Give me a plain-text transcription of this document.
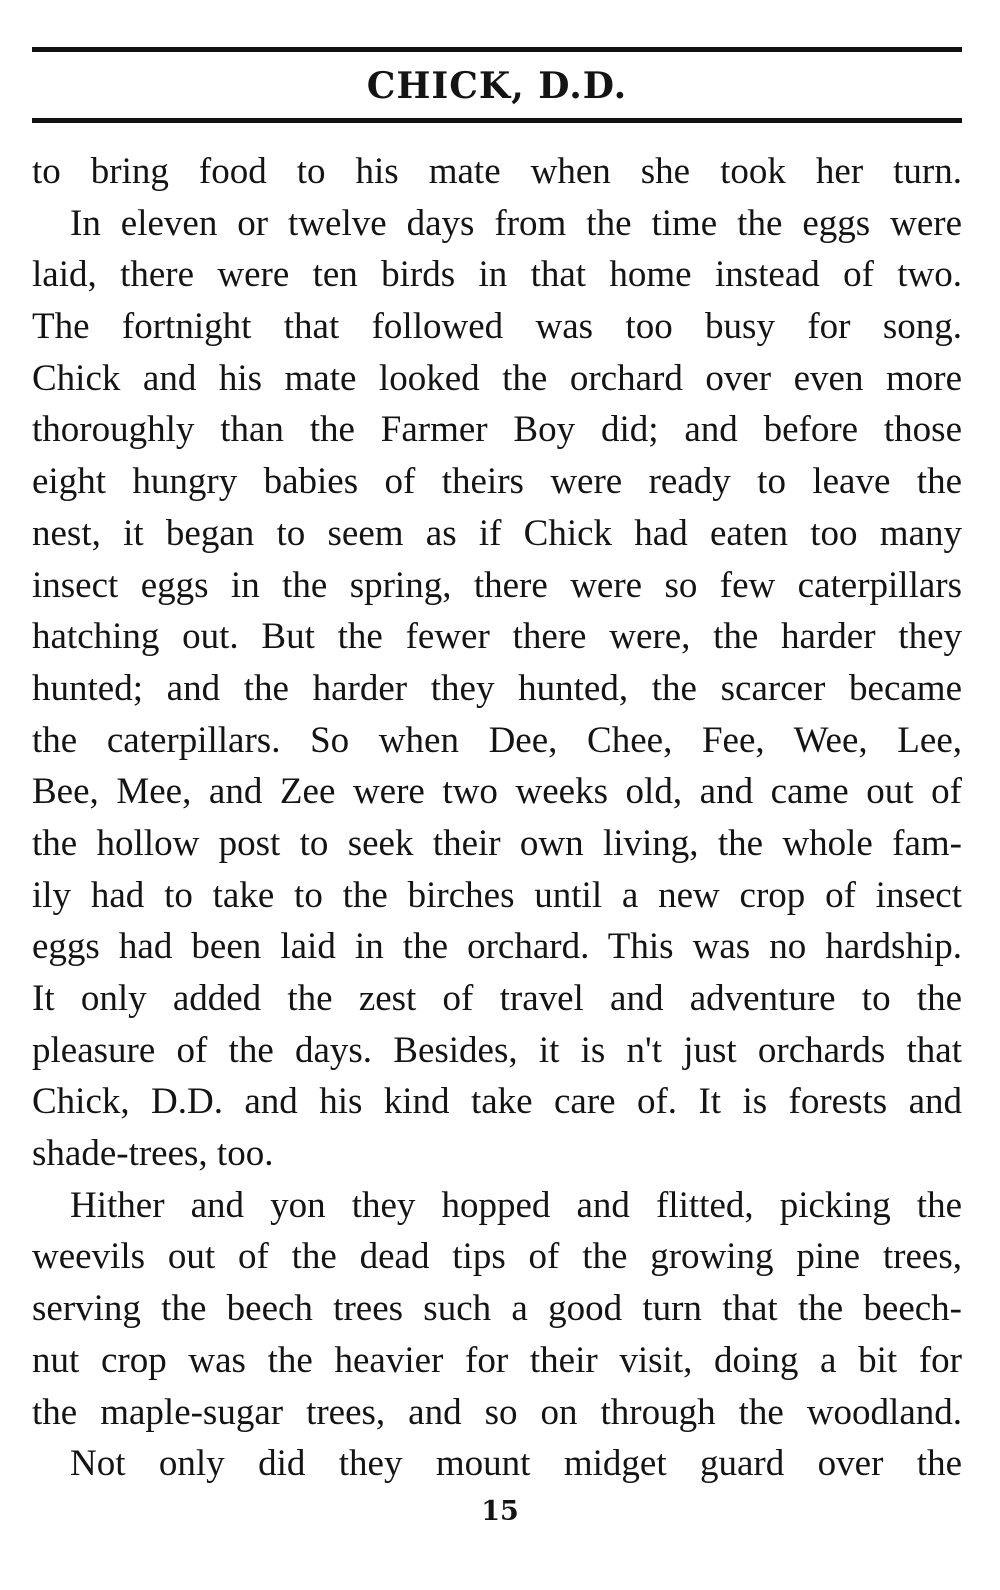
CHICK, D.D.
to bring food to his mate when she took her turn.
In eleven or twelve days from the time the eggs were
laid, there were ten birds in that home instead of two.
The fortnight that followed was too busy for song.
Chick and his mate looked the orchard over even more
thoroughly than the Farmer Boy did; and before those
eight hungry babies of theirs were ready to leave the
nest, it began to seem as if Chick had eaten too many
insect eggs in the spring, there were so few caterpillars
hatching out. But the fewer there were, the harder they
hunted; and the harder they hunted, the scarcer became
the caterpillars. So when Dee, Chee, Fee, Wee, Lee,
Bee, Mee, and Zee were two weeks old, and came out of
the hollow post to seek their own living, the whole fam-
ily had to take to the birches until a new crop of insect
eggs had been laid in the orchard. This was no hardship.
It only added the zest of travel and adventure to the
pleasure of the days. Besides, it is n't just orchards that
Chick, D.D. and his kind take care of. It is forests and
shade-trees, too.
Hither and yon they hopped and flitted, picking the
weevils out of the dead tips of the growing pine trees,
serving the beech trees such a good turn that the beech-
nut crop was the heavier for their visit, doing a bit for
the maple-sugar trees, and so on through the woodland.
Not only did they mount midget guard over the
15
